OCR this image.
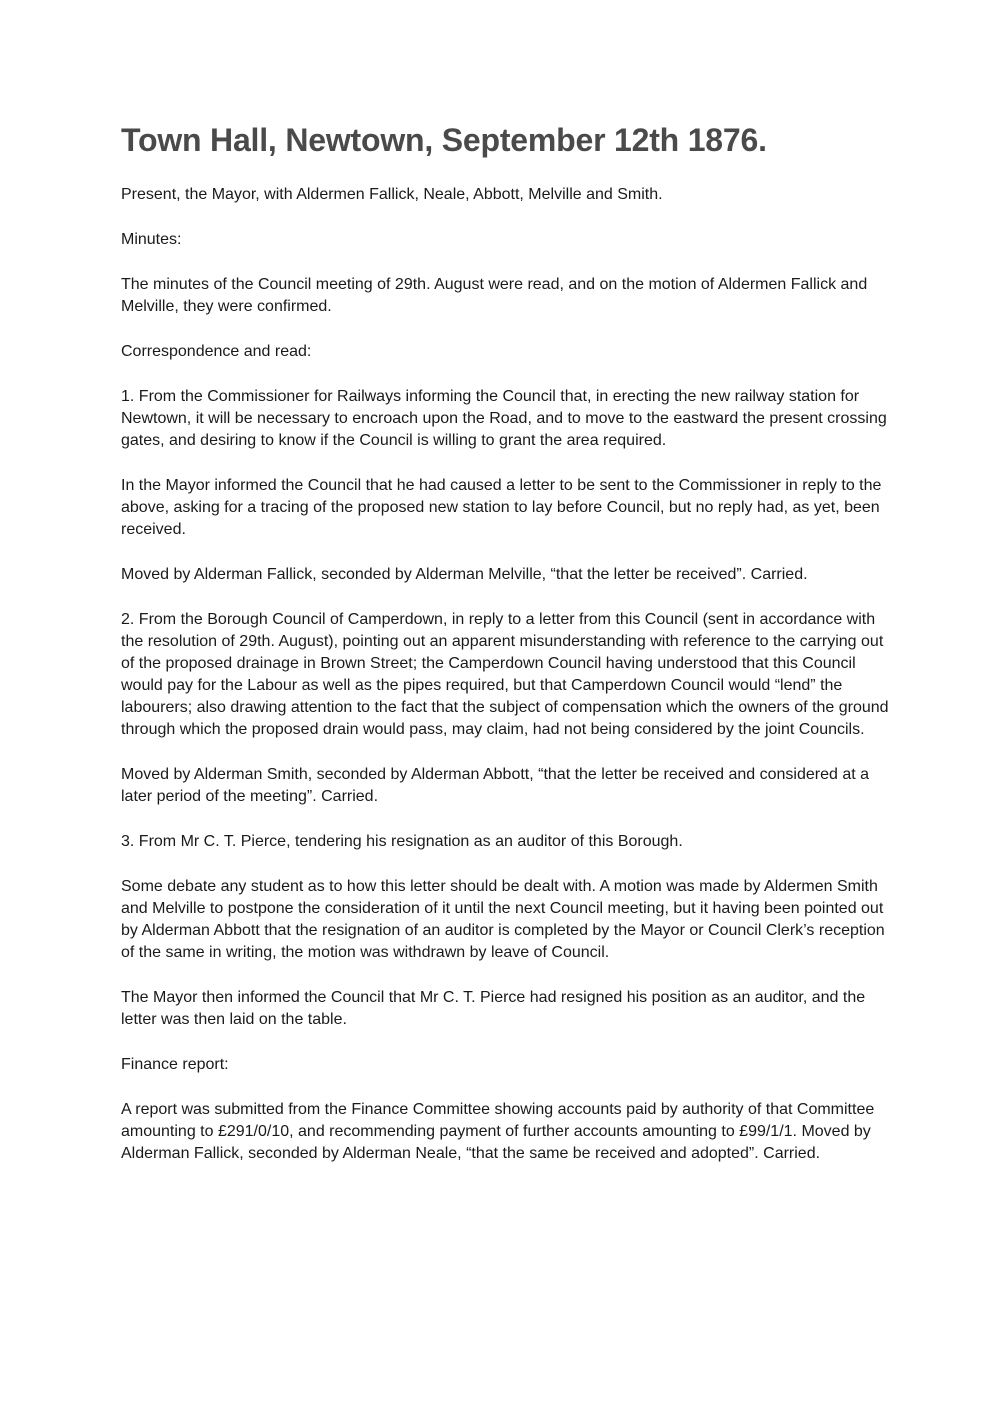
Town Hall, Newtown, September 12th 1876.

Present, the Mayor, with Aldermen Fallick, Neale, Abbott, Melville and Smith.

Minutes:

The minutes of the Council meeting of 29th. August were read, and on the motion of Aldermen Fallick and Melville, they were confirmed.

Correspondence and read:

1. From the Commissioner for Railways informing the Council that, in erecting the new railway station for Newtown, it will be necessary to encroach upon the Road, and to move to the eastward the present crossing gates, and desiring to know if the Council is willing to grant the area required.

In the Mayor informed the Council that he had caused a letter to be sent to the Commissioner in reply to the above, asking for a tracing of the proposed new station to lay before Council, but no reply had, as yet, been received.

Moved by Alderman Fallick, seconded by Alderman Melville, “that the letter be received”. Carried.

2. From the Borough Council of Camperdown, in reply to a letter from this Council (sent in accordance with the resolution of 29th. August), pointing out an apparent misunderstanding with reference to the carrying out of the proposed drainage in Brown Street; the Camperdown Council having understood that this Council would pay for the Labour as well as the pipes required, but that Camperdown Council would “lend” the labourers; also drawing attention to the fact that the subject of compensation which the owners of the ground through which the proposed drain would pass, may claim, had not being considered by the joint Councils.

Moved by Alderman Smith, seconded by Alderman Abbott, “that the letter be received and considered at a later period of the meeting”. Carried.

3. From Mr C. T. Pierce, tendering his resignation as an auditor of this Borough.

Some debate any student as to how this letter should be dealt with. A motion was made by Aldermen Smith and Melville to postpone the consideration of it until the next Council meeting, but it having been pointed out by Alderman Abbott that the resignation of an auditor is completed by the Mayor or Council Clerk’s reception of the same in writing, the motion was withdrawn by leave of Council.

The Mayor then informed the Council that Mr C. T. Pierce had resigned his position as an auditor, and the letter was then laid on the table.

Finance report:

A report was submitted from the Finance Committee showing accounts paid by authority of that Committee amounting to £291/0/10, and recommending payment of further accounts amounting to £99/1/1. Moved by Alderman Fallick, seconded by Alderman Neale, “that the same be received and adopted”. Carried.
